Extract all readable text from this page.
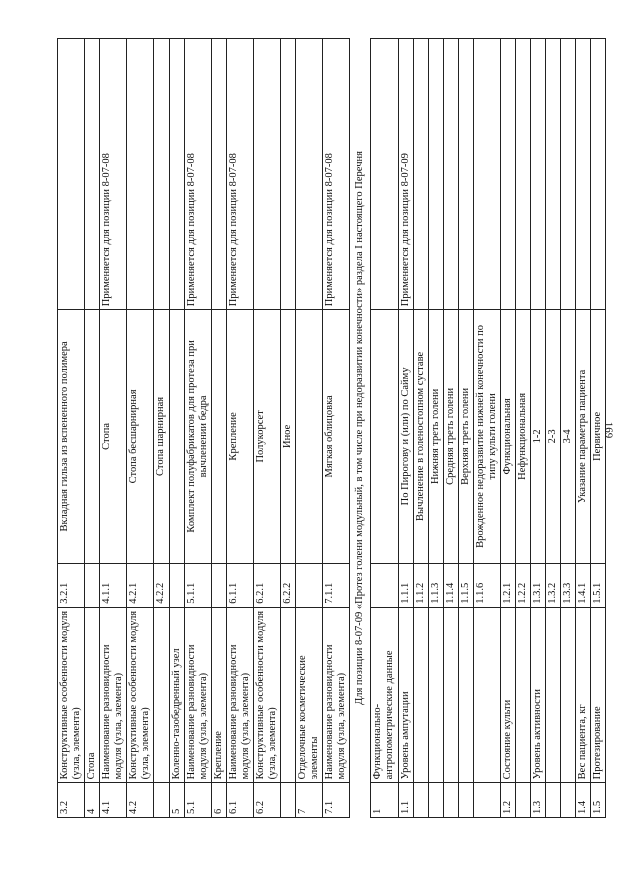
169
3.2	Конструктивные особенности модуля (узла, элемента)	3.2.1	Вкладная гильза из вспененного полимера	
4	Стопа			
4.1	Наименование разновидности модуля (узла, элемента)	4.1.1	Стопа	Применяется для позиции 8-07-08
4.2	Конструктивные особенности модуля (узла, элемента)	4.2.1	Стопа бесшарнирная	
		4.2.2	Стопа шарнирная	
5	Коленно-тазобедренный узел			
5.1	Наименование разновидности модуля (узла, элемента)	5.1.1	Комплект полуфабрикатов для протеза при вычленении бедра	Применяется для позиции 8-07-08
6	Крепление			
6.1	Наименование разновидности модуля (узла, элемента)	6.1.1	Крепление	Применяется для позиции 8-07-08
6.2	Конструктивные особенности модуля (узла, элемента)	6.2.1	Полукорсет	
		6.2.2	Иное	
7	Отделочные косметические элементы			
7.1	Наименование разновидности модуля (узла, элемента)	7.1.1	Мягкая облицовка	Применяется для позиции 8-07-08
Для позиции 8-07-09 «Протез голени модульный, в том числе при недоразвитии конечности» раздела I настоящего Перечня				
1	Функционально-антропометрические данные			
1.1	Уровень ампутации	1.1.1	По Пирогову и (или) по Сайму	Применяется для позиции 8-07-09
		1.1.2	Вычленение в голеностопном суставе	
		1.1.3	Нижняя треть голени	
		1.1.4	Средняя треть голени	
		1.1.5	Верхняя треть голени	
		1.1.6	Врожденное недоразвитие нижней конечности по типу культи голени	
1.2	Состояние культи	1.2.1	Функциональная	
		1.2.2	Нефункциональная	
1.3	Уровень активности	1.3.1	1-2	
		1.3.2	2-3	
		1.3.3	3-4	
1.4	Вес пациента, кг	1.4.1	Указание параметра пациента	
1.5	Протезирование	1.5.1	Первичное	
